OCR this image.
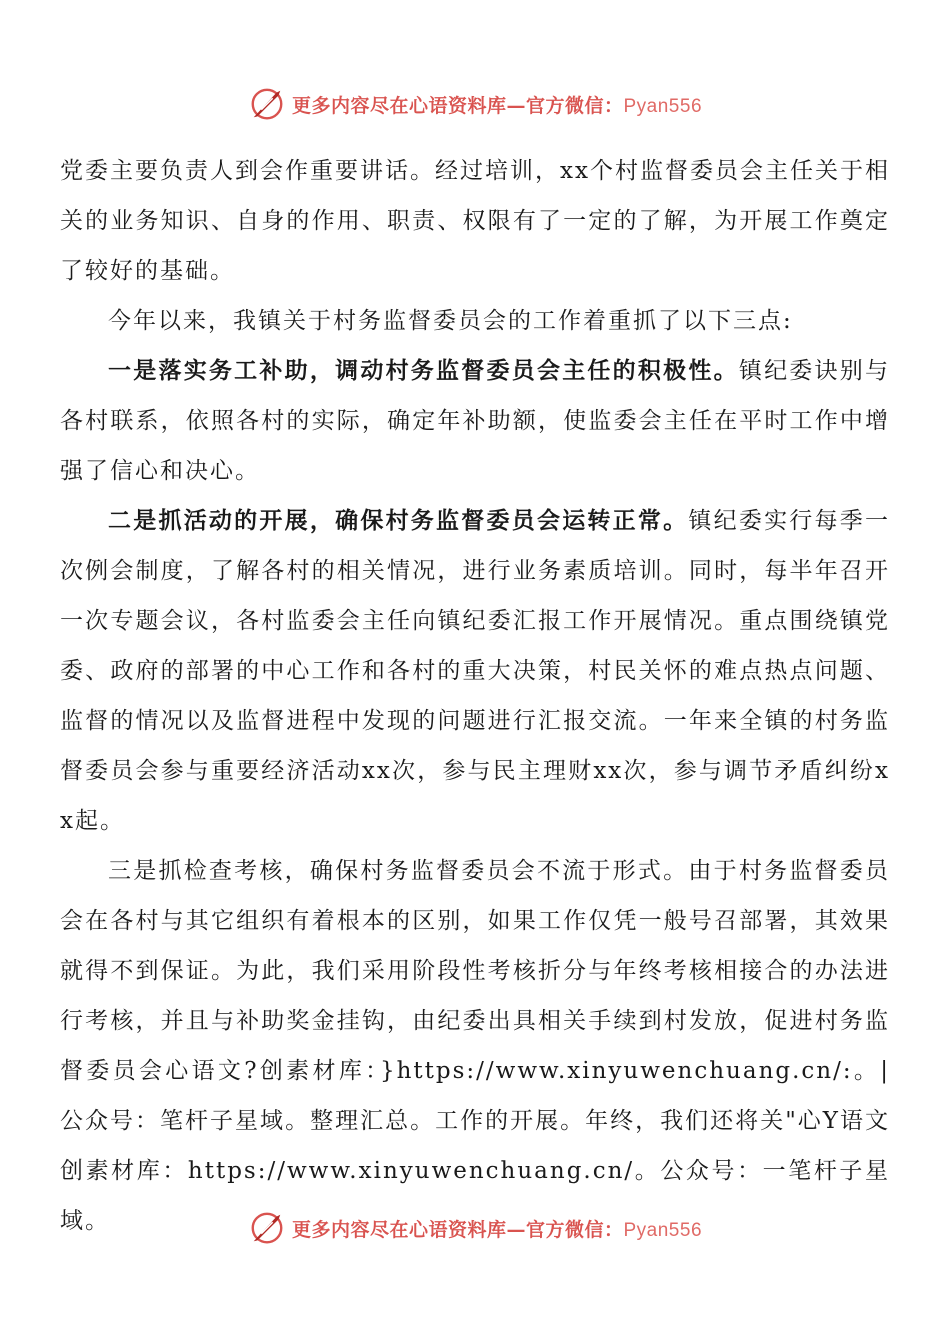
更多内容尽在心语资料库—官方微信：Pyan556

党委主要负责人到会作重要讲话。经过培训，xx个村监督委员会主任关于相关的业务知识、自身的作用、职责、权限有了一定的了解，为开展工作奠定了较好的基础。

今年以来，我镇关于村务监督委员会的工作着重抓了以下三点:

一是落实务工补助，调动村务监督委员会主任的积极性。镇纪委诀别与各村联系，依照各村的实际，确定年补助额，使监委会主任在平时工作中增强了信心和决心。

二是抓活动的开展，确保村务监督委员会运转正常。镇纪委实行每季一次例会制度，了解各村的相关情况，进行业务素质培训。同时，每半年召开一次专题会议，各村监委会主任向镇纪委汇报工作开展情况。重点围绕镇党委、政府的部署的中心工作和各村的重大决策，村民关怀的难点热点问题、监督的情况以及监督进程中发现的问题进行汇报交流。一年来全镇的村务监督委员会参与重要经济活动xx次，参与民主理财xx次，参与调节矛盾纠纷xx起。

三是抓检查考核，确保村务监督委员会不流于形式。由于村务监督委员会在各村与其它组织有着根本的区别，如果工作仅凭一般号召部署，其效果就得不到保证。为此，我们采用阶段性考核折分与年终考核相接合的办法进行考核，并且与补助奖金挂钩，由纪委出具相关手续到村发放，促进村务监督委员会心语文?创素材库：}https://www.xinyuwenchuang.cn/:。|公众号：笔杆子星域。整理汇总。工作的开展。年终，我们还将关"心Y语文创素材库：https://www.xinyuwenchuang.cn/。公众号：一笔杆子星域。	更多内容尽在心语资料库—官方微信：Pyan556
